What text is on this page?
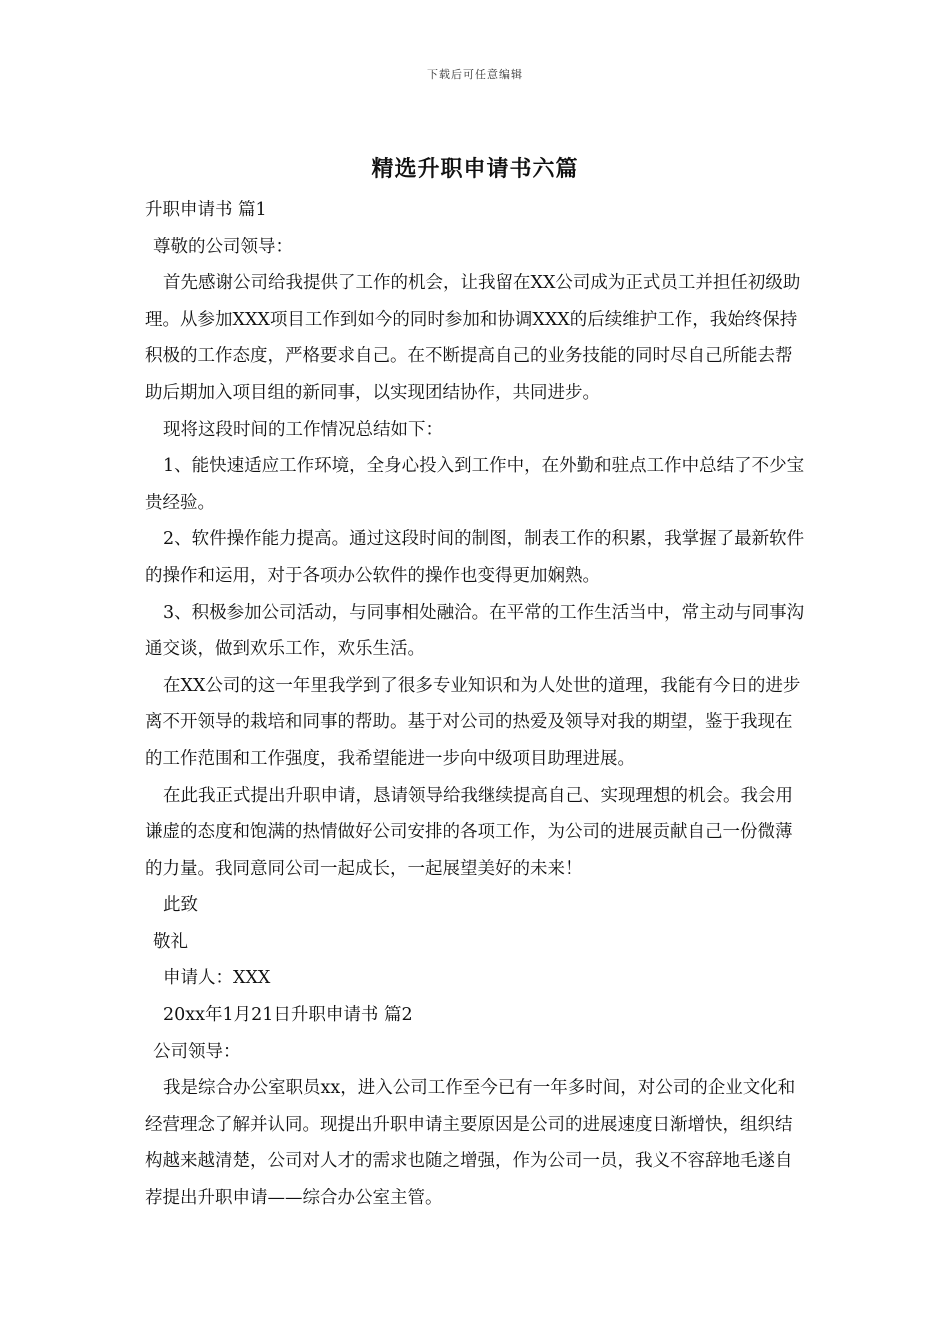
下载后可任意编辑
精选升职申请书六篇

升职申请书 篇1

尊敬的公司领导：

首先感谢公司给我提供了工作的机会，让我留在XX公司成为正式员工并担任初级助理。从参加XXX项目工作到如今的同时参加和协调XXX的后续维护工作，我始终保持积极的工作态度，严格要求自己。在不断提高自己的业务技能的同时尽自己所能去帮助后期加入项目组的新同事，以实现团结协作，共同进步。

现将这段时间的工作情况总结如下：

1、能快速适应工作环境，全身心投入到工作中，在外勤和驻点工作中总结了不少宝贵经验。

2、软件操作能力提高。通过这段时间的制图，制表工作的积累，我掌握了最新软件的操作和运用，对于各项办公软件的操作也变得更加娴熟。

3、积极参加公司活动，与同事相处融洽。在平常的工作生活当中，常主动与同事沟通交谈，做到欢乐工作，欢乐生活。

在XX公司的这一年里我学到了很多专业知识和为人处世的道理，我能有今日的进步离不开领导的栽培和同事的帮助。基于对公司的热爱及领导对我的期望，鉴于我现在的工作范围和工作强度，我希望能进一步向中级项目助理进展。

在此我正式提出升职申请，恳请领导给我继续提高自己、实现理想的机会。我会用谦虚的态度和饱满的热情做好公司安排的各项工作，为公司的进展贡献自己一份微薄的力量。我同意同公司一起成长，一起展望美好的未来！

此致

敬礼

申请人：XXX

20xx年1月21日升职申请书 篇2

公司领导：

我是综合办公室职员xx，进入公司工作至今已有一年多时间，对公司的企业文化和经营理念了解并认同。现提出升职申请主要原因是公司的进展速度日渐增快，组织结构越来越清楚，公司对人才的需求也随之增强，作为公司一员，我义不容辞地毛遂自荐提出升职申请——综合办公室主管。
